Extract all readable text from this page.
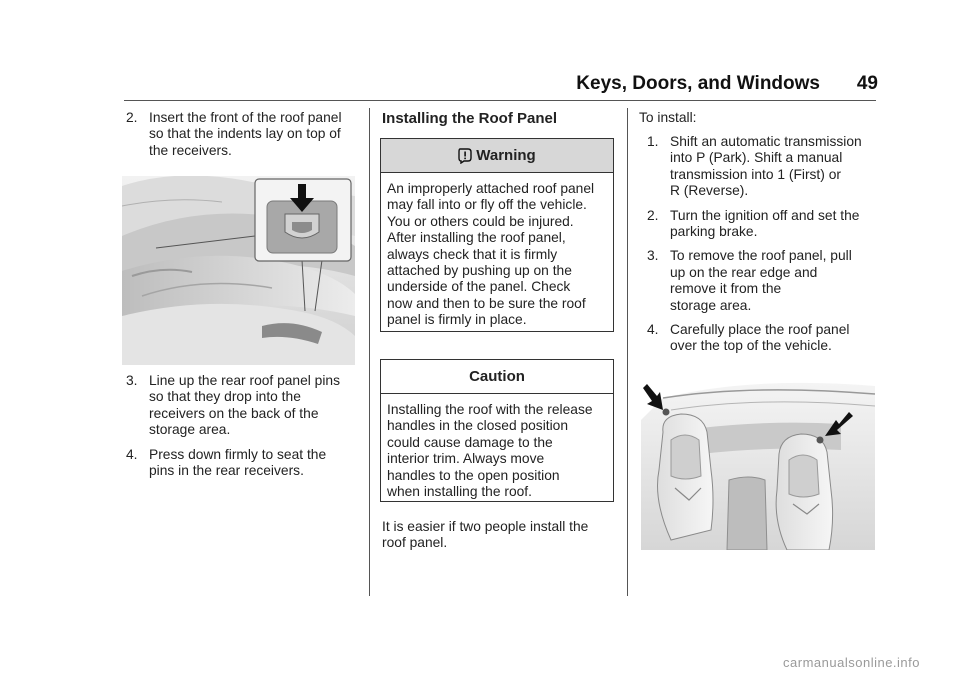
Keys, Doors, and Windows	49
2. Insert the front of the roof panel
so that the indents lay on top of
the receivers.
3. Line up the rear roof panel pins
so that they drop into the
receivers on the back of the
storage area.
4. Press down firmly to seat the
pins in the rear receivers.
Installing the Roof Panel
Warning
An improperly attached roof panel
may fall into or fly off the vehicle.
You or others could be injured.
After installing the roof panel,
always check that it is firmly
attached by pushing up on the
underside of the panel. Check
now and then to be sure the roof
panel is firmly in place.
Caution
Installing the roof with the release
handles in the closed position
could cause damage to the
interior trim. Always move
handles to the open position
when installing the roof.
It is easier if two people install the
roof panel.
To install:
1. Shift an automatic transmission
into P (Park). Shift a manual
transmission into 1 (First) or
R (Reverse).
2. Turn the ignition off and set the
parking brake.
3. To remove the roof panel, pull
up on the rear edge and
remove it from the
storage area.
4. Carefully place the roof panel
over the top of the vehicle.
carmanualsonline.info
